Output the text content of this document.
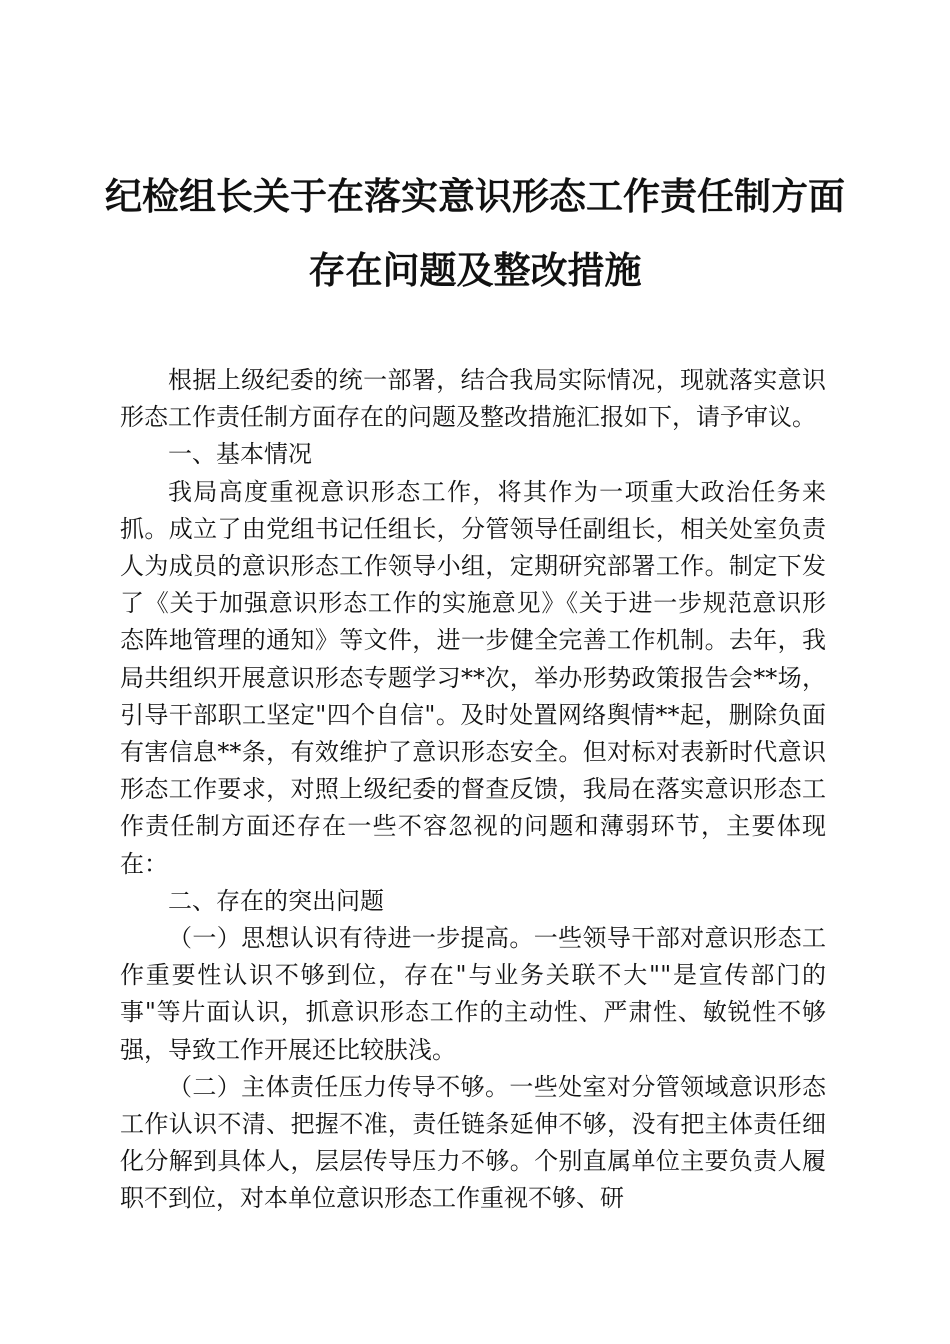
纪检组长关于在落实意识形态工作责任制方面
存在问题及整改措施

根据上级纪委的统一部署，结合我局实际情况，现就落实意识形态工作责任制方面存在的问题及整改措施汇报如下，请予审议。

一、基本情况

我局高度重视意识形态工作，将其作为一项重大政治任务来抓。成立了由党组书记任组长，分管领导任副组长，相关处室负责人为成员的意识形态工作领导小组，定期研究部署工作。制定下发了《关于加强意识形态工作的实施意见》《关于进一步规范意识形态阵地管理的通知》等文件，进一步健全完善工作机制。去年，我局共组织开展意识形态专题学习**次，举办形势政策报告会**场，引导干部职工坚定"四个自信"。及时处置网络舆情**起，删除负面有害信息**条，有效维护了意识形态安全。但对标对表新时代意识形态工作要求，对照上级纪委的督查反馈，我局在落实意识形态工作责任制方面还存在一些不容忽视的问题和薄弱环节，主要体现在：

二、存在的突出问题

（一）思想认识有待进一步提高。一些领导干部对意识形态工作重要性认识不够到位，存在"与业务关联不大""是宣传部门的事"等片面认识，抓意识形态工作的主动性、严肃性、敏锐性不够强，导致工作开展还比较肤浅。

（二）主体责任压力传导不够。一些处室对分管领域意识形态工作认识不清、把握不准，责任链条延伸不够，没有把主体责任细化分解到具体人，层层传导压力不够。个别直属单位主要负责人履职不到位，对本单位意识形态工作重视不够、研
